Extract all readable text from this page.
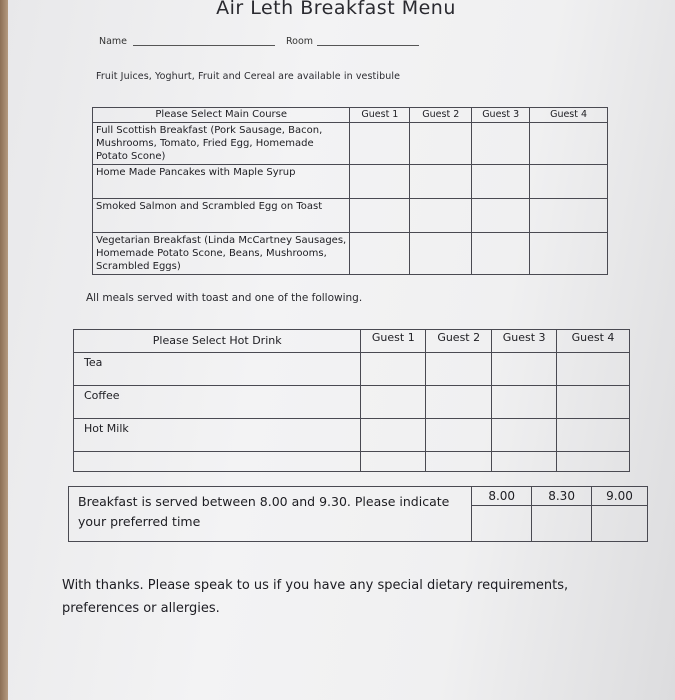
Air Leth Breakfast Menu
Name	Room
Fruit Juices, Yoghurt, Fruit and Cereal are available in vestibule
Please Select Main Course	Guest 1	Guest 2	Guest 3	Guest 4
Full Scottish Breakfast (Pork Sausage, Bacon, Mushrooms, Tomato, Fried Egg, Homemade Potato Scone)				
Home Made Pancakes with Maple Syrup				
Smoked Salmon and Scrambled Egg on Toast				
Vegetarian Breakfast (Linda McCartney Sausages, Homemade Potato Scone, Beans, Mushrooms, Scrambled Eggs)				
All meals served with toast and one of the following.
Please Select Hot Drink	Guest 1	Guest 2	Guest 3	Guest 4
Tea				
Coffee				
Hot Milk				

Breakfast is served between 8.00 and 9.30. Please indicate your preferred time	8.00	8.30	9.00

With thanks. Please speak to us if you have any special dietary requirements, preferences or allergies.
